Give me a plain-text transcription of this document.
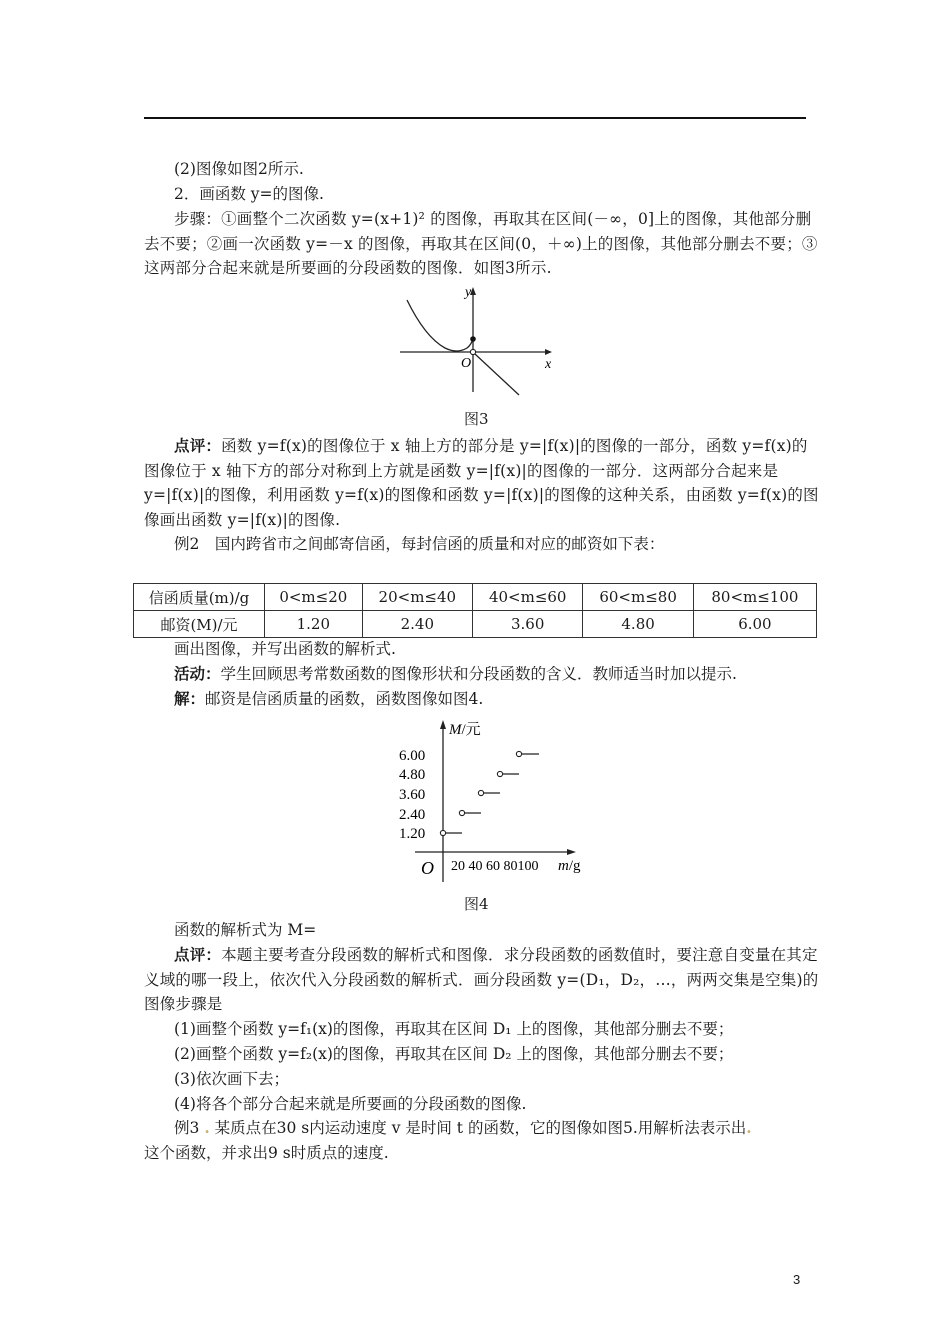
(2)图像如图2所示.
2．画函数 y=的图像.
步骤：①画整个二次函数 y=(x+1)² 的图像，再取其在区间(－∞，0]上的图像，其他部分删去不要；②画一次函数 y=－x 的图像，再取其在区间(0，＋∞)上的图像，其他部分删去不要；③这两部分合起来就是所要画的分段函数的图像．如图3所示.
y
x
O
图3
点评：函数 y=f(x)的图像位于 x 轴上方的部分是 y=|f(x)|的图像的一部分，函数 y=f(x)的图像位于 x 轴下方的部分对称到上方就是函数 y=|f(x)|的图像的一部分．这两部分合起来是 y=|f(x)|的图像，利用函数 y=f(x)的图像和函数 y=|f(x)|的图像的这种关系，由函数 y=f(x)的图像画出函数 y=|f(x)|的图像.
例2　国内跨省市之间邮寄信函，每封信函的质量和对应的邮资如下表：
信函质量(m)/g	0<m≤20	20<m≤40	40<m≤60	60<m≤80	80<m≤100
邮资(M)/元	1.20	2.40	3.60	4.80	6.00
画出图像，并写出函数的解析式.
活动：学生回顾思考常数函数的图像形状和分段函数的含义．教师适当时加以提示.
解：邮资是信函质量的函数，函数图像如图4.
M/元
6.00
4.80
3.60
2.40
1.20
O 20 40 60 80100 m/g
图4
函数的解析式为 M=
点评：本题主要考查分段函数的解析式和图像．求分段函数的函数值时，要注意自变量在其定义域的哪一段上，依次代入分段函数的解析式．画分段函数 y=(D₁，D₂，…，两两交集是空集)的图像步骤是
(1)画整个函数 y=f₁(x)的图像，再取其在区间 D₁ 上的图像，其他部分删去不要；
(2)画整个函数 y=f₂(x)的图像，再取其在区间 D₂ 上的图像，其他部分删去不要；
(3)依次画下去；
(4)将各个部分合起来就是所要画的分段函数的图像.
例3 . 某质点在30 s内运动速度 v 是时间 t 的函数，它的图像如图5.用解析法表示出.
这个函数，并求出9 s时质点的速度.
3
